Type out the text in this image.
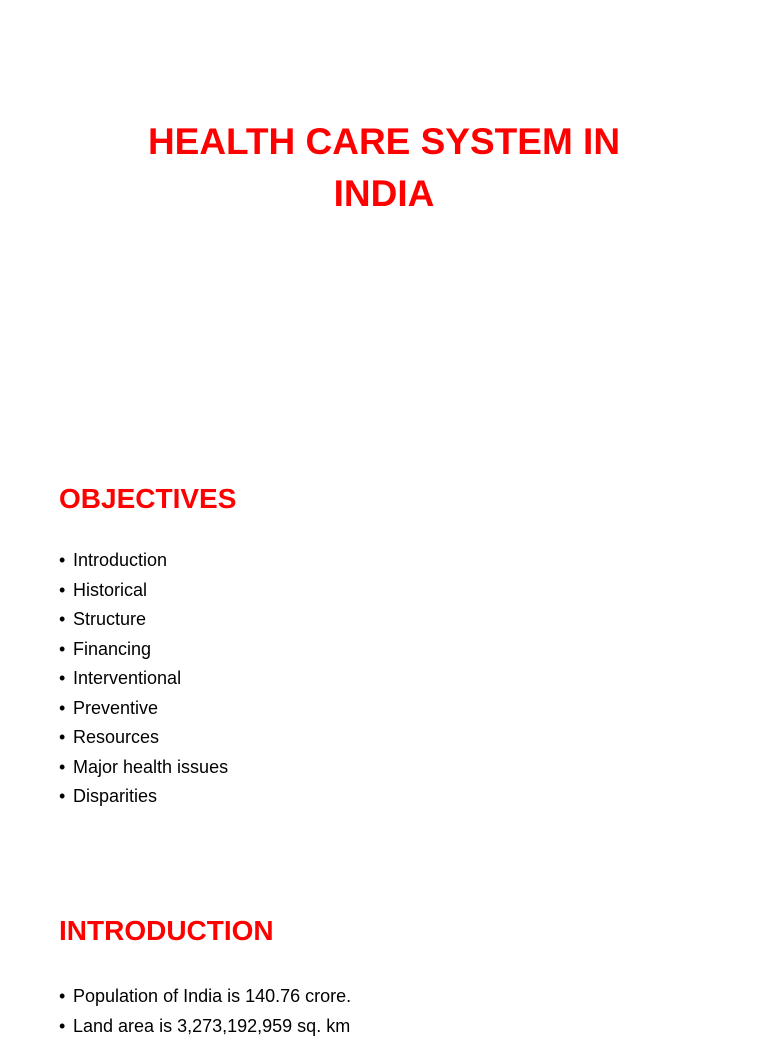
HEALTH CARE SYSTEM IN
INDIA
OBJECTIVES
• Introduction
• Historical
• Structure
• Financing
• Interventional
• Preventive
• Resources
• Major health issues
• Disparities
INTRODUCTION
• Population of India is 140.76 crore.
• Land area is 3,273,192,959 sq. km
